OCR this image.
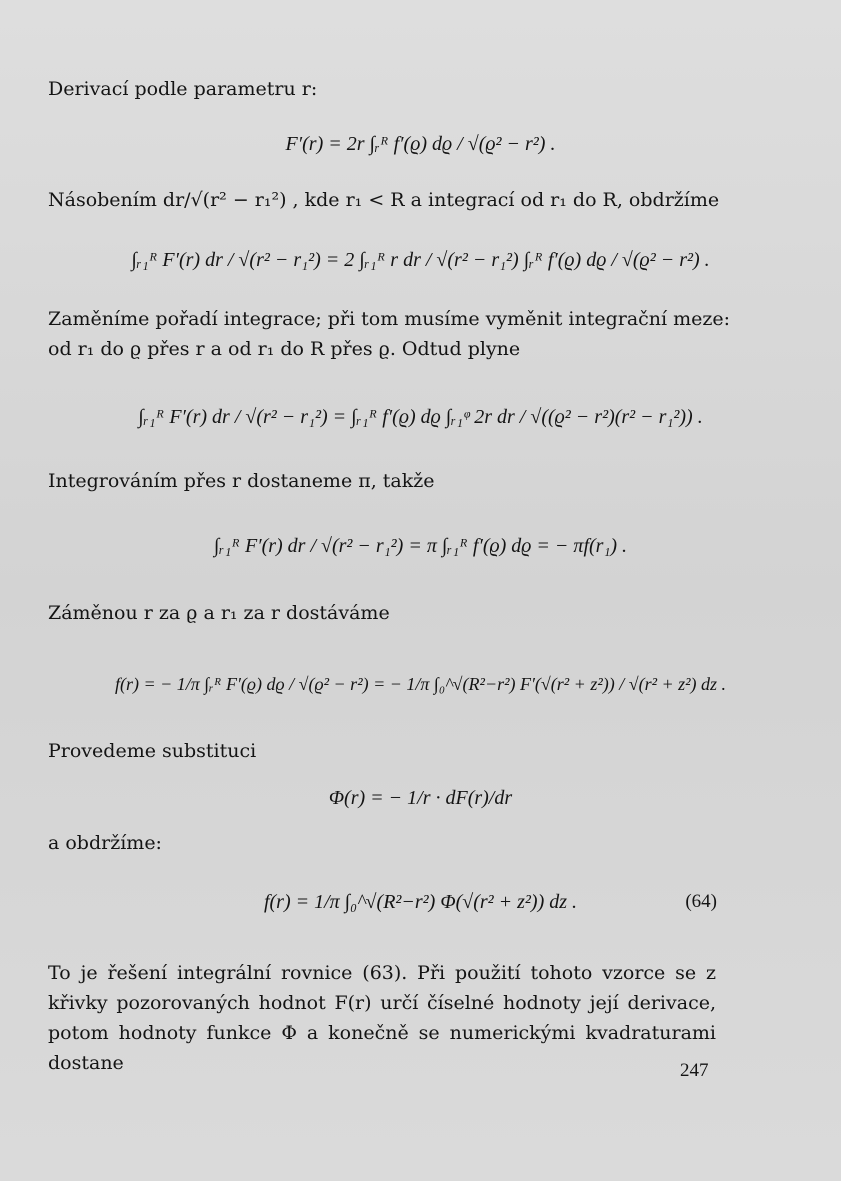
Derivací podle parametru r:
F′(r) = 2r ∫ᵣᴿ f′(ϱ) dϱ / √(ϱ² − r²) .
Násobením dr/√(r² − r₁²) , kde r₁ < R a integrací od r₁ do R, obdržíme
∫ᵣ₁ᴿ F′(r) dr / √(r² − r₁²) = 2 ∫ᵣ₁ᴿ r dr / √(r² − r₁²) ∫ᵣᴿ f′(ϱ) dϱ / √(ϱ² − r²) .
Zaměníme pořadí integrace; při tom musíme vyměnit integrační meze:
od r₁ do ϱ přes r a od r₁ do R přes ϱ. Odtud plyne
∫ᵣ₁ᴿ F′(r) dr / √(r² − r₁²) = ∫ᵣ₁ᴿ f′(ϱ) dϱ ∫ᵣ₁ᵠ 2r dr / √((ϱ² − r²)(r² − r₁²)) .
Integrováním přes r dostaneme π, takže
∫ᵣ₁ᴿ F′(r) dr / √(r² − r₁²) = π ∫ᵣ₁ᴿ f′(ϱ) dϱ = − πf(r₁) .
Záměnou r za ϱ a r₁ za r dostáváme
f(r) = − 1/π ∫ᵣᴿ F′(ϱ) dϱ / √(ϱ² − r²) = − 1/π ∫₀^√(R²−r²) F′(√(r² + z²)) / √(r² + z²) dz .
Provedeme substituci
Φ(r) = − 1/r · dF(r)/dr
a obdržíme:
f(r) = 1/π ∫₀^√(R²−r²) Φ(√(r² + z²)) dz .	(64)
To je řešení integrální rovnice (63). Při použití tohoto vzorce se z křivky pozorovaných hodnot F(r) určí číselné hodnoty její derivace, potom hodnoty funkce Φ a konečně se numerickými kvadraturami dostane	247
